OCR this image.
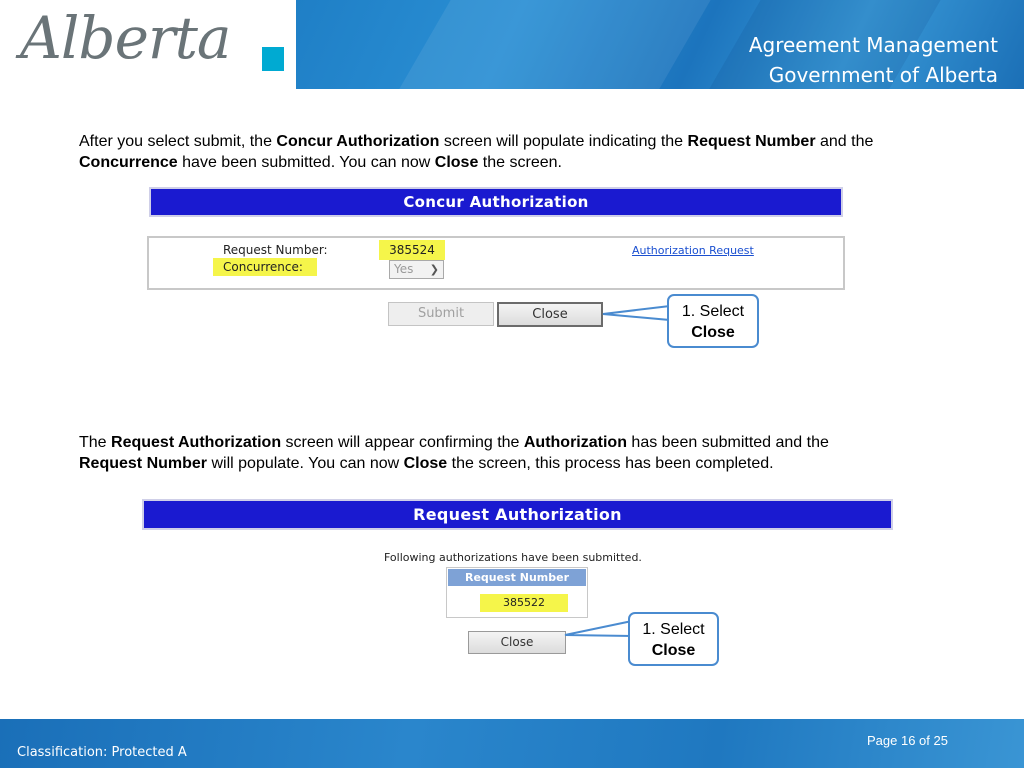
Alberta	Agreement Management
Government of Alberta
After you select submit, the Concur Authorization screen will populate indicating the Request Number and the
Concurrence have been submitted. You can now Close the screen.
Concur Authorization
Request Number:	385524
Concurrence:	Yes ❯
Authorization Request
Submit	Close	1. Select
Close
The Request Authorization screen will appear confirming the Authorization has been submitted and the
Request Number will populate. You can now Close the screen, this process has been completed.
Request Authorization
Following authorizations have been submitted.
Request Number
385522
Close
1. Select
Close
Classification: Protected A
Page 16 of 25
